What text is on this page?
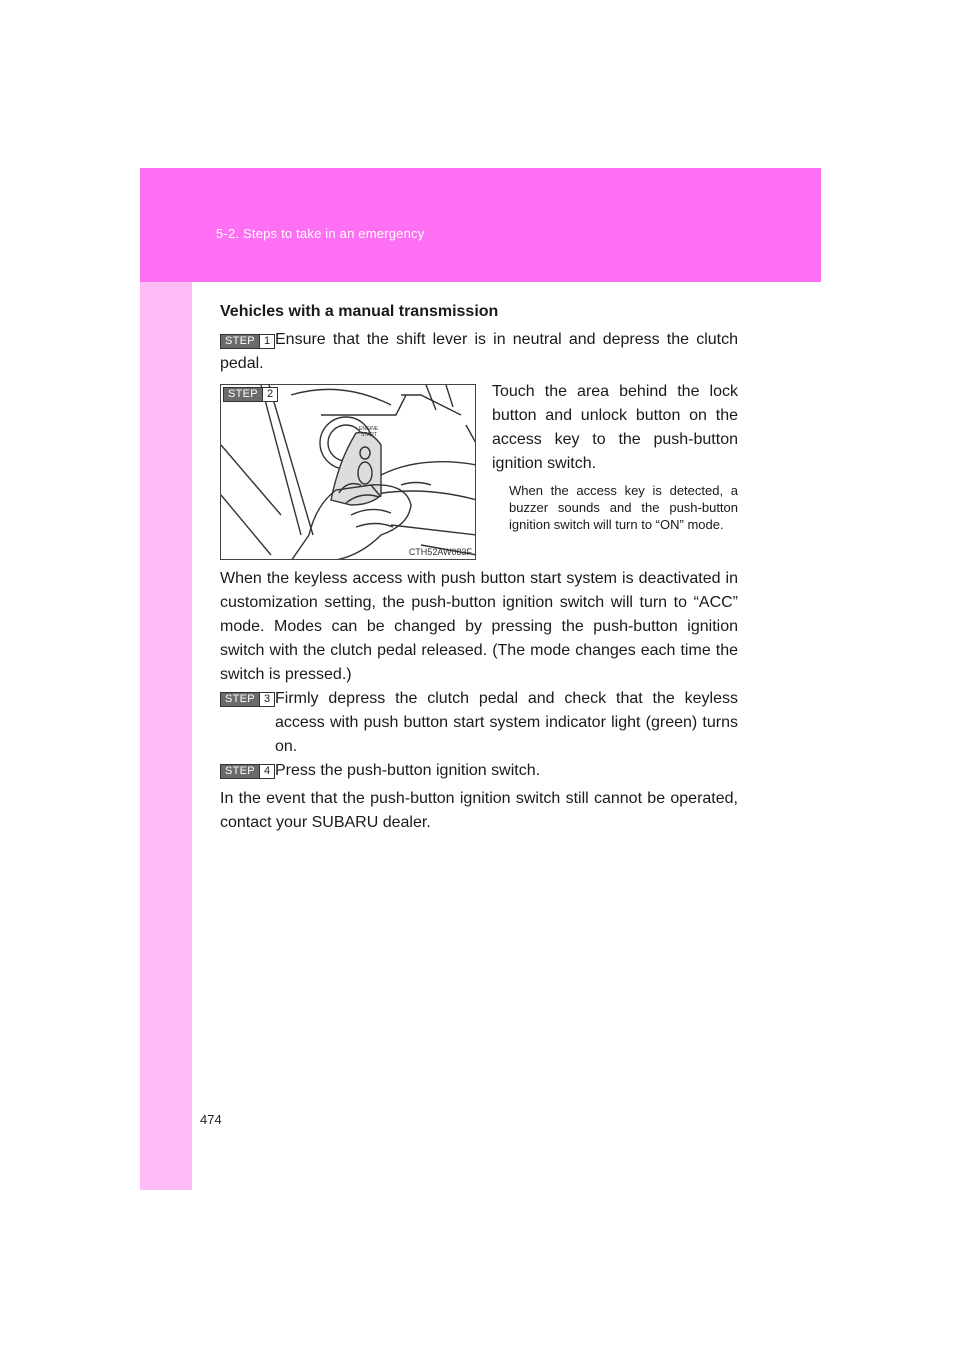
5-2. Steps to take in an emergency

Vehicles with a manual transmission

STEP 1 Ensure that the shift lever is in neutral and depress the clutch pedal.

ENGINE
START
STEP 2
CTH52AW083F

Touch the area behind the lock button and unlock button on the access key to the push-button ignition switch.

When the access key is detected, a buzzer sounds and the push-button ignition switch will turn to “ON” mode.

When the keyless access with push button start system is deactivated in customization setting, the push-button ignition switch will turn to “ACC” mode. Modes can be changed by pressing the push-button ignition switch with the clutch pedal released. (The mode changes each time the switch is pressed.)

STEP 3 Firmly depress the clutch pedal and check that the keyless access with push button start system indicator light (green) turns on.

STEP 4 Press the push-button ignition switch.

In the event that the push-button ignition switch still cannot be operated, contact your SUBARU dealer.

474
